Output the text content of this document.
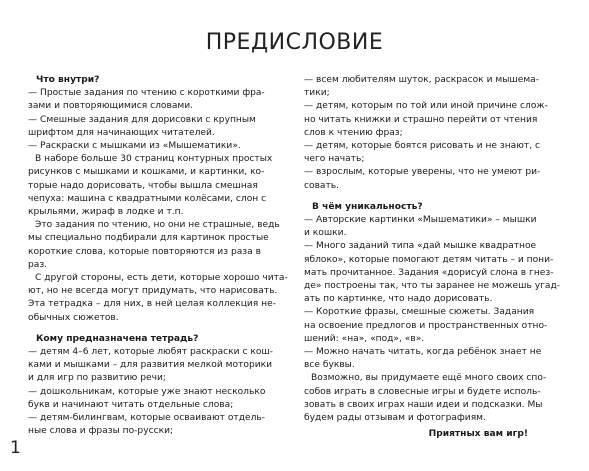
ПРЕДИСЛОВИЕ

Что внутри?

— Простые задания по чтению с короткими фра-

зами и повторяющимися словами.

— Смешные задания для дорисовки с крупным

шрифтом для начинающих читателей.

— Раскраски с мышками из «Мышематики».

В наборе больше 30 страниц контурных простых

рисунков с мышками и кошками, и картинки, ко-

торые надо дорисовать, чтобы вышла смешная

чепуха: машина с квадратными колёсами, слон с

крыльями, жираф в лодке и т.п.

Это задания по чтению, но они не страшные, ведь

мы специально подбирали для картинок простые

короткие слова, которые повторяются из раза в

раз.

С другой стороны, есть дети, которые хорошо чита-

ют, но не всегда могут придумать, что нарисовать.

Эта тетрадка – для них, в ней целая коллекция не-

обычных сюжетов.

Кому предназначена тетрадь?

— детям 4–6 лет, которые любят раскраски с кош-

ками и мышками – для развития мелкой моторики

и для игр по развитию речи;

— дошкольникам, которые уже знают несколько

букв и начинают читать отдельные слова;

— детям-билингвам, которые осваивают отдель-

ные слова и фразы по-русски;

— всем любителям шуток, раскрасок и мышема-

тики;

— детям, которым по той или иной причине слож-

но читать книжки и страшно перейти от чтения

слов к чтению фраз;

— детям, которые боятся рисовать и не знают, с

чего начать;

— взрослым, которые уверены, что не умеют ри-

совать.

В чём уникальность?

— Авторские картинки «Мышематики» – мышки

и кошки.

— Много заданий типа «дай мышке квадратное

яблоко», которые помогают детям читать – и пони-

мать прочитанное. Задания «дорисуй слона в гнез-

де» построены так, что ты заранее не можешь угад-

ать по картинке, что надо дорисовать.

— Короткие фразы, смешные сюжеты. Задания

на освоение предлогов и пространственных отно-

шений: «на», «под», «в».

— Можно начать читать, когда ребёнок знает не

все буквы.

Возможно, вы придумаете ещё много своих спо-

собов играть в словесные игры и будете исполь-

зовать в своих играх наши идеи и подсказки. Мы

будем рады отзывам и фотографиям.

Приятных вам игр!

1
